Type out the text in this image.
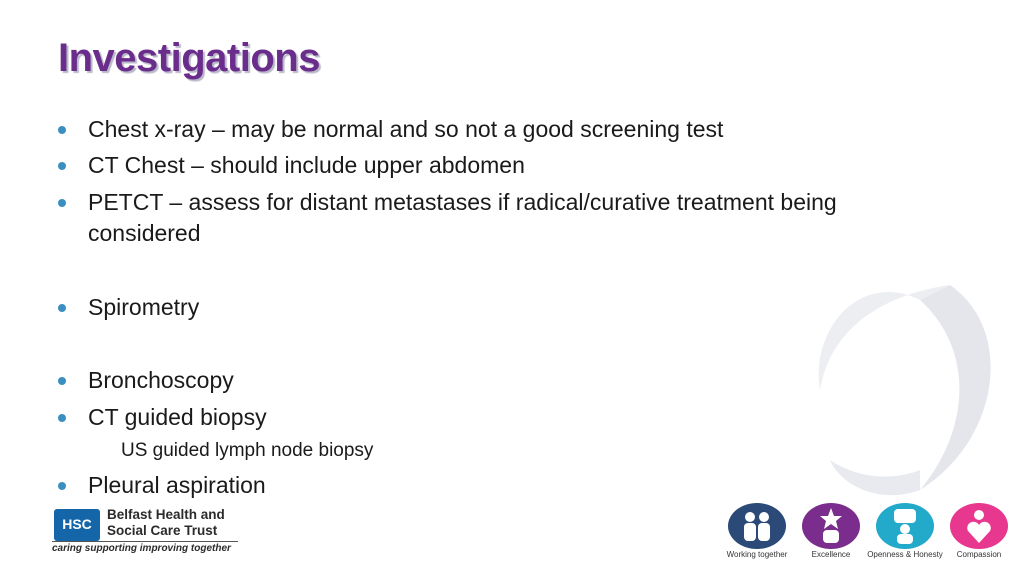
Investigations
Chest x-ray – may be normal and so not a good screening test
CT Chest – should include upper abdomen
PETCT – assess for distant metastases if radical/curative treatment being considered
Spirometry
Bronchoscopy
CT guided biopsy
US guided lymph node biopsy
Pleural aspiration
HSC
Belfast Health and
Social Care Trust
caring supporting improving together
Working together	Excellence	Openness & Honesty	Compassion
